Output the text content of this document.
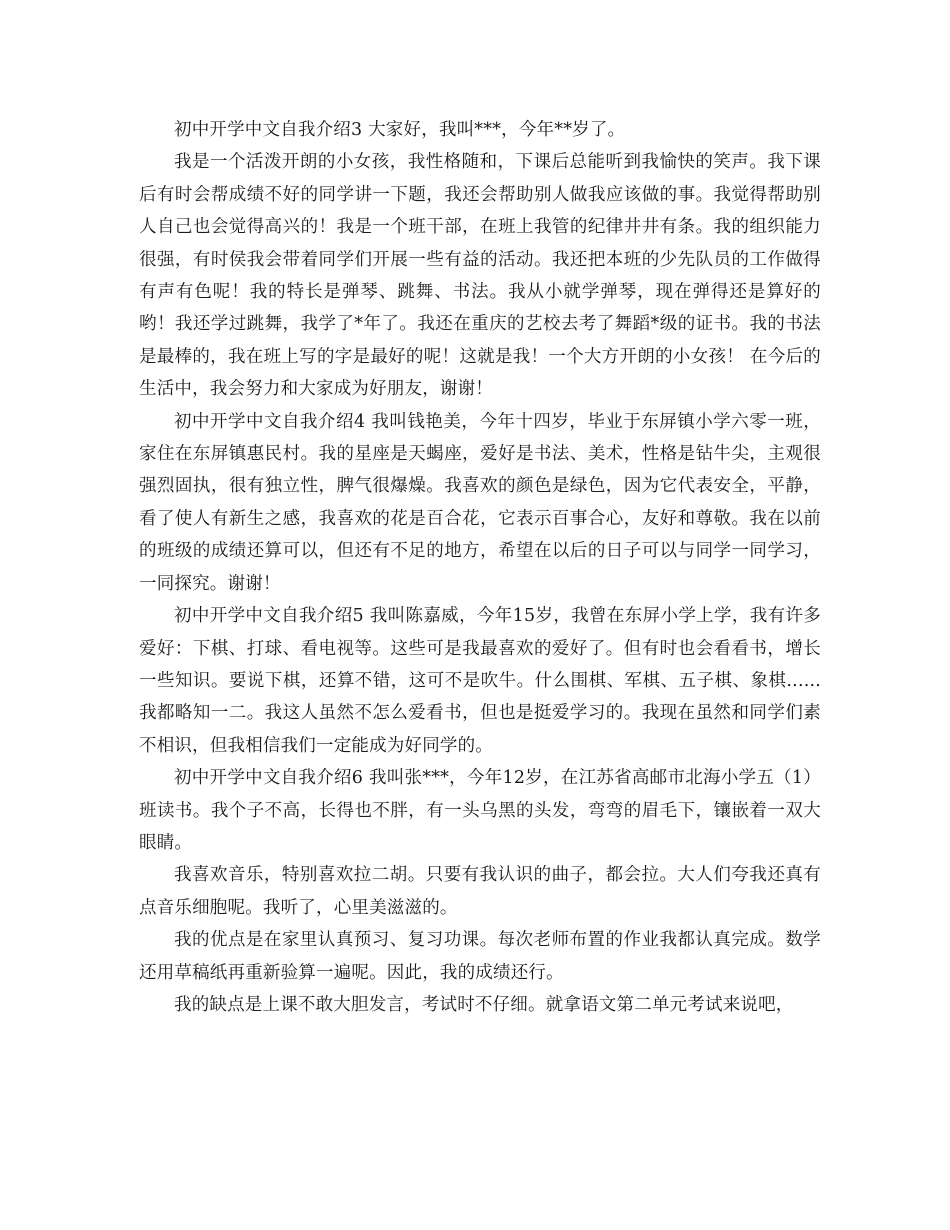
初中开学中文自我介绍3 大家好，我叫***，今年**岁了。

我是一个活泼开朗的小女孩，我性格随和，下课后总能听到我愉快的笑声。我下课后有时会帮成绩不好的同学讲一下题，我还会帮助别人做我应该做的事。我觉得帮助别人自己也会觉得高兴的！我是一个班干部，在班上我管的纪律井井有条。我的组织能力很强，有时侯我会带着同学们开展一些有益的活动。我还把本班的少先队员的工作做得有声有色呢！我的特长是弹琴、跳舞、书法。我从小就学弹琴，现在弹得还是算好的哟！我还学过跳舞，我学了*年了。我还在重庆的艺校去考了舞蹈*级的证书。我的书法是最棒的，我在班上写的字是最好的呢！这就是我！一个大方开朗的小女孩！ 在今后的生活中，我会努力和大家成为好朋友，谢谢！

初中开学中文自我介绍4 我叫钱艳美，今年十四岁，毕业于东屏镇小学六零一班，家住在东屏镇惠民村。我的星座是天蝎座，爱好是书法、美术，性格是钻牛尖，主观很强烈固执，很有独立性，脾气很爆燥。我喜欢的颜色是绿色，因为它代表安全，平静，看了使人有新生之感，我喜欢的花是百合花，它表示百事合心，友好和尊敬。我在以前的班级的成绩还算可以，但还有不足的地方，希望在以后的日子可以与同学一同学习，一同探究。谢谢！

初中开学中文自我介绍5 我叫陈嘉威，今年15岁，我曾在东屏小学上学，我有许多爱好：下棋、打球、看电视等。这些可是我最喜欢的爱好了。但有时也会看看书，增长一些知识。要说下棋，还算不错，这可不是吹牛。什么围棋、军棋、五子棋、象棋......我都略知一二。我这人虽然不怎么爱看书，但也是挺爱学习的。我现在虽然和同学们素不相识，但我相信我们一定能成为好同学的。

初中开学中文自我介绍6 我叫张***，今年12岁，在江苏省高邮市北海小学五（1）班读书。我个子不高，长得也不胖，有一头乌黑的头发，弯弯的眉毛下，镶嵌着一双大眼睛。

我喜欢音乐，特别喜欢拉二胡。只要有我认识的曲子，都会拉。大人们夸我还真有点音乐细胞呢。我听了，心里美滋滋的。

我的优点是在家里认真预习、复习功课。每次老师布置的作业我都认真完成。数学还用草稿纸再重新验算一遍呢。因此，我的成绩还行。

我的缺点是上课不敢大胆发言，考试时不仔细。就拿语文第二单元考试来说吧，
